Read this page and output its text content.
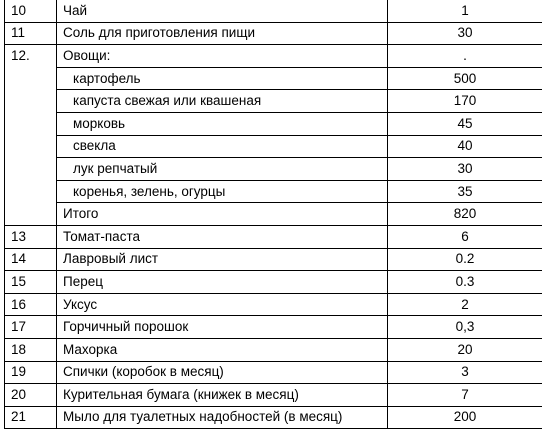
10	Чай	1
11	Соль для приготовления пищи	30
12.	Овощи:	.
	картофель	500
	капуста свежая или квашеная	170
	морковь	45
	свекла	40
	лук репчатый	30
	коренья, зелень, огурцы	35
	Итого	820
13	Томат-паста	6
14	Лавровый лист	0.2
15	Перец	0.3
16	Уксус	2
17	Горчичный порошок	0,3
18	Махорка	20
19	Спички (коробок в месяц)	3
20	Курительная бумага (книжек в месяц)	7
21	Мыло для туалетных надобностей (в месяц)	200
